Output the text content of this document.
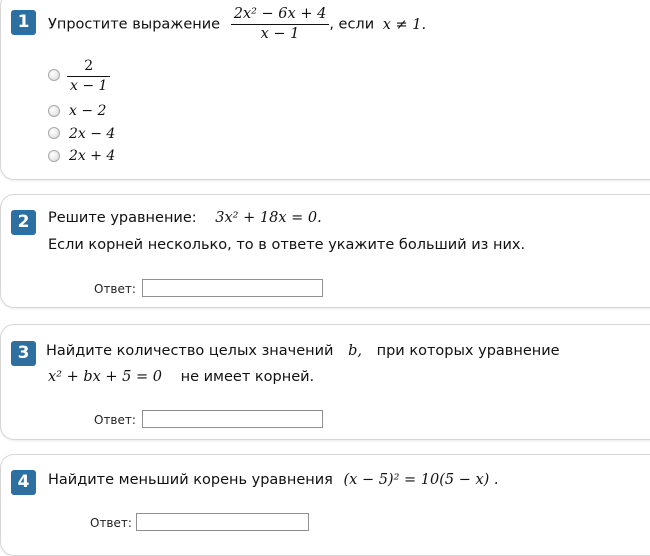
1	Упростите выражение $\frac{\text{2x² − 6x + 4}}{x - 1}$ , если x ≠ 1.
$\frac{2}{x - 1}$
x − 2
2x − 4
2x + 4
2	Решите уравнение: 3x² + 18x = 0.
Если корней несколько, то в ответе укажите больший из них.
Ответ:
3	Найдите количество целых значений b, при которых уравнение
x² + bx + 5 = 0 не имеет корней.
Ответ:
4	Найдите меньший корень уравнения (x − 5)² = 10(5 − x) .
Ответ:
